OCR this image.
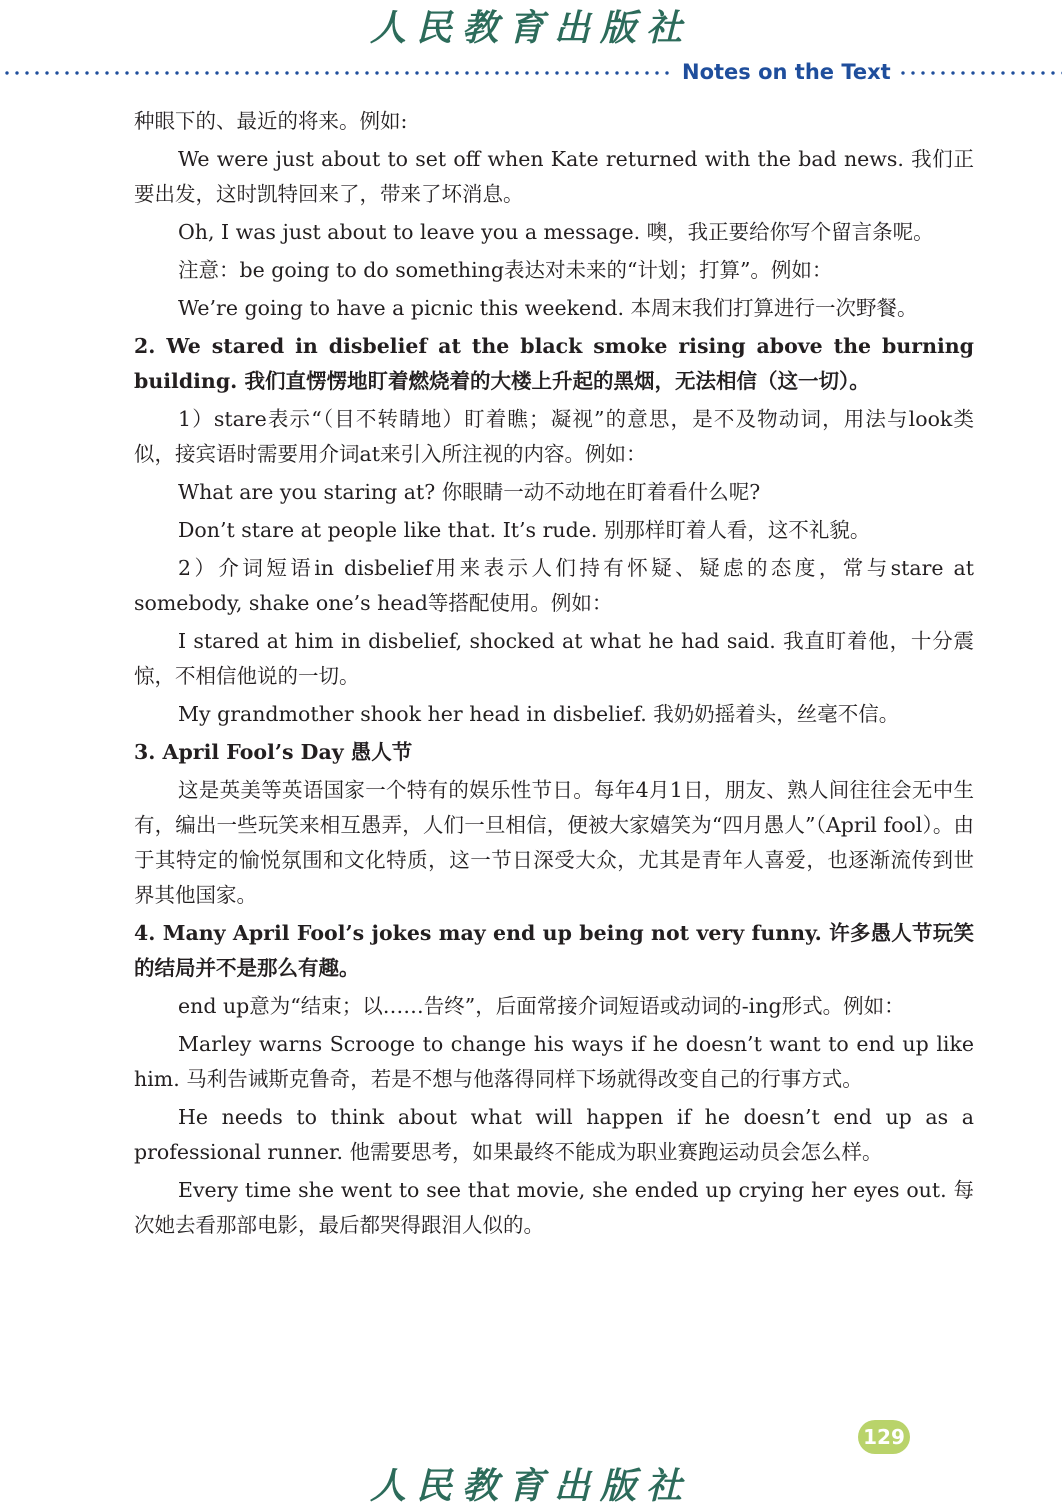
人民教育出版社
Notes on the Text

种眼下的、最近的将来。例如:

We were just about to set off when Kate returned with the bad news. 我们正要出发，这时凯特回来了，带来了坏消息。

Oh, I was just about to leave you a message. 噢，我正要给你写个留言条呢。

注意：be going to do something表达对未来的“计划；打算”。例如：

We’re going to have a picnic this weekend. 本周末我们打算进行一次野餐。

2. We stared in disbelief at the black smoke rising above the burning building. 我们直愣愣地盯着燃烧着的大楼上升起的黑烟，无法相信（这一切）。

1）stare表示“（目不转睛地）盯着瞧；凝视”的意思，是不及物动词，用法与look类似，接宾语时需要用介词at来引入所注视的内容。例如：

What are you staring at? 你眼睛一动不动地在盯着看什么呢?

Don’t stare at people like that. It’s rude. 别那样盯着人看，这不礼貌。

2）介词短语in disbelief用来表示人们持有怀疑、疑虑的态度，常与stare at somebody, shake one’s head等搭配使用。例如：

I stared at him in disbelief, shocked at what he had said. 我直盯着他，十分震惊，不相信他说的一切。

My grandmother shook her head in disbelief. 我奶奶摇着头，丝毫不信。

3. April Fool’s Day 愚人节

这是英美等英语国家一个特有的娱乐性节日。每年4月1日，朋友、熟人间往往会无中生有，编出一些玩笑来相互愚弄，人们一旦相信，便被大家嬉笑为“四月愚人”（April fool）。由于其特定的愉悦氛围和文化特质，这一节日深受大众，尤其是青年人喜爱，也逐渐流传到世界其他国家。

4. Many April Fool’s jokes may end up being not very funny. 许多愚人节玩笑的结局并不是那么有趣。

end up意为“结束；以……告终”，后面常接介词短语或动词的-ing形式。例如：

Marley warns Scrooge to change his ways if he doesn’t want to end up like him. 马利告诫斯克鲁奇，若是不想与他落得同样下场就得改变自己的行事方式。

He needs to think about what will happen if he doesn’t end up as a professional runner. 他需要思考，如果最终不能成为职业赛跑运动员会怎么样。

Every time she went to see that movie, she ended up crying her eyes out. 每次她去看那部电影，最后都哭得跟泪人似的。

129
人民教育出版社
